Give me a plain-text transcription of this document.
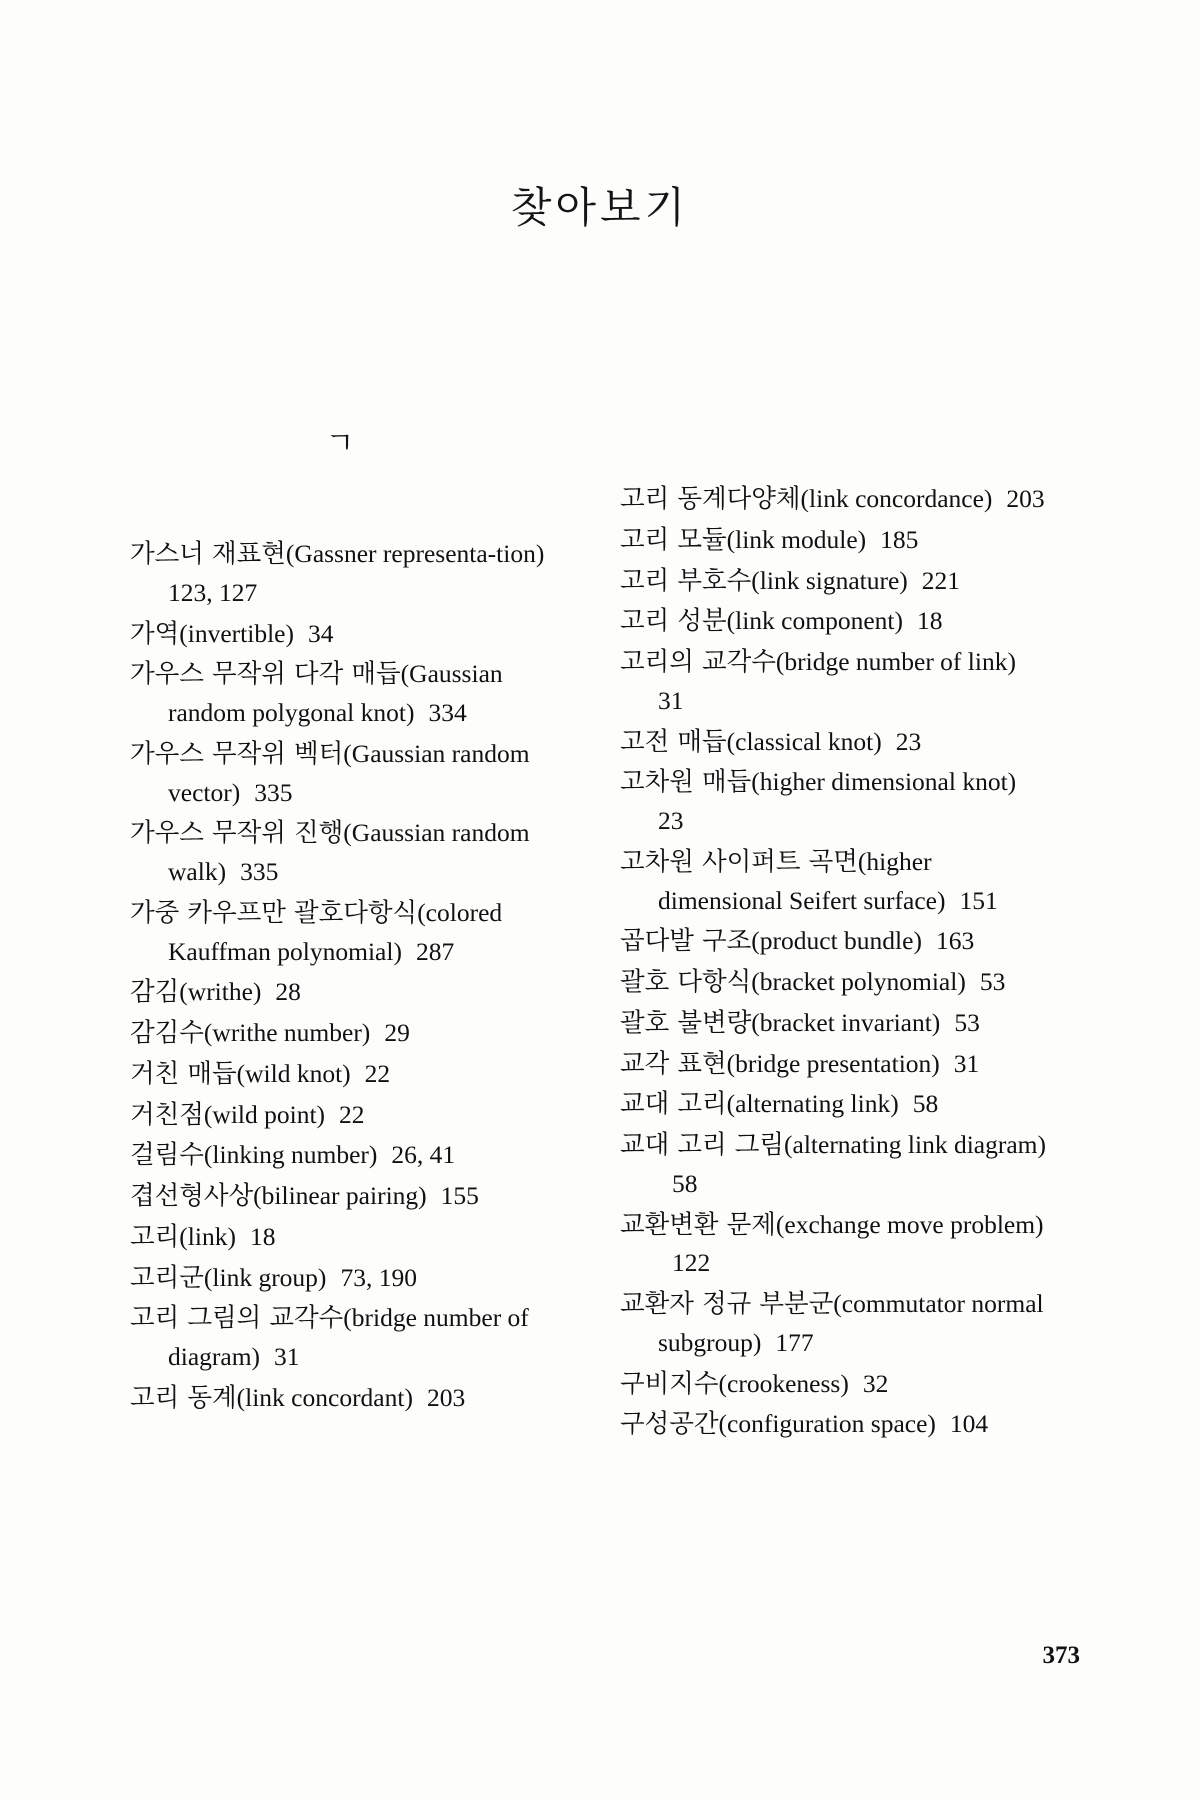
찾아보기
ㄱ
가스너 재표현(Gassner representa-tion) 123, 127
가역(invertible) 34
가우스 무작위 다각 매듭(Gaussian random polygonal knot) 334
가우스 무작위 벡터(Gaussian random vector) 335
가우스 무작위 진행(Gaussian random walk) 335
가중 카우프만 괄호다항식(colored Kauffman polynomial) 287
감김(writhe) 28
감김수(writhe number) 29
거친 매듭(wild knot) 22
거친점(wild point) 22
걸림수(linking number) 26, 41
겹선형사상(bilinear pairing) 155
고리(link) 18
고리군(link group) 73, 190
고리 그림의 교각수(bridge number of diagram) 31
고리 동계(link concordant) 203
고리 동계다양체(link concordance) 203
고리 모듈(link module) 185
고리 부호수(link signature) 221
고리 성분(link component) 18
고리의 교각수(bridge number of link) 31
고전 매듭(classical knot) 23
고차원 매듭(higher dimensional knot) 23
고차원 사이퍼트 곡면(higher dimensional Seifert surface) 151
곱다발 구조(product bundle) 163
괄호 다항식(bracket polynomial) 53
괄호 불변량(bracket invariant) 53
교각 표현(bridge presentation) 31
교대 고리(alternating link) 58
교대 고리 그림(alternating link diagram) 58
교환변환 문제(exchange move problem) 122
교환자 정규 부분군(commutator normal subgroup) 177
구비지수(crookeness) 32
구성공간(configuration space) 104
373
